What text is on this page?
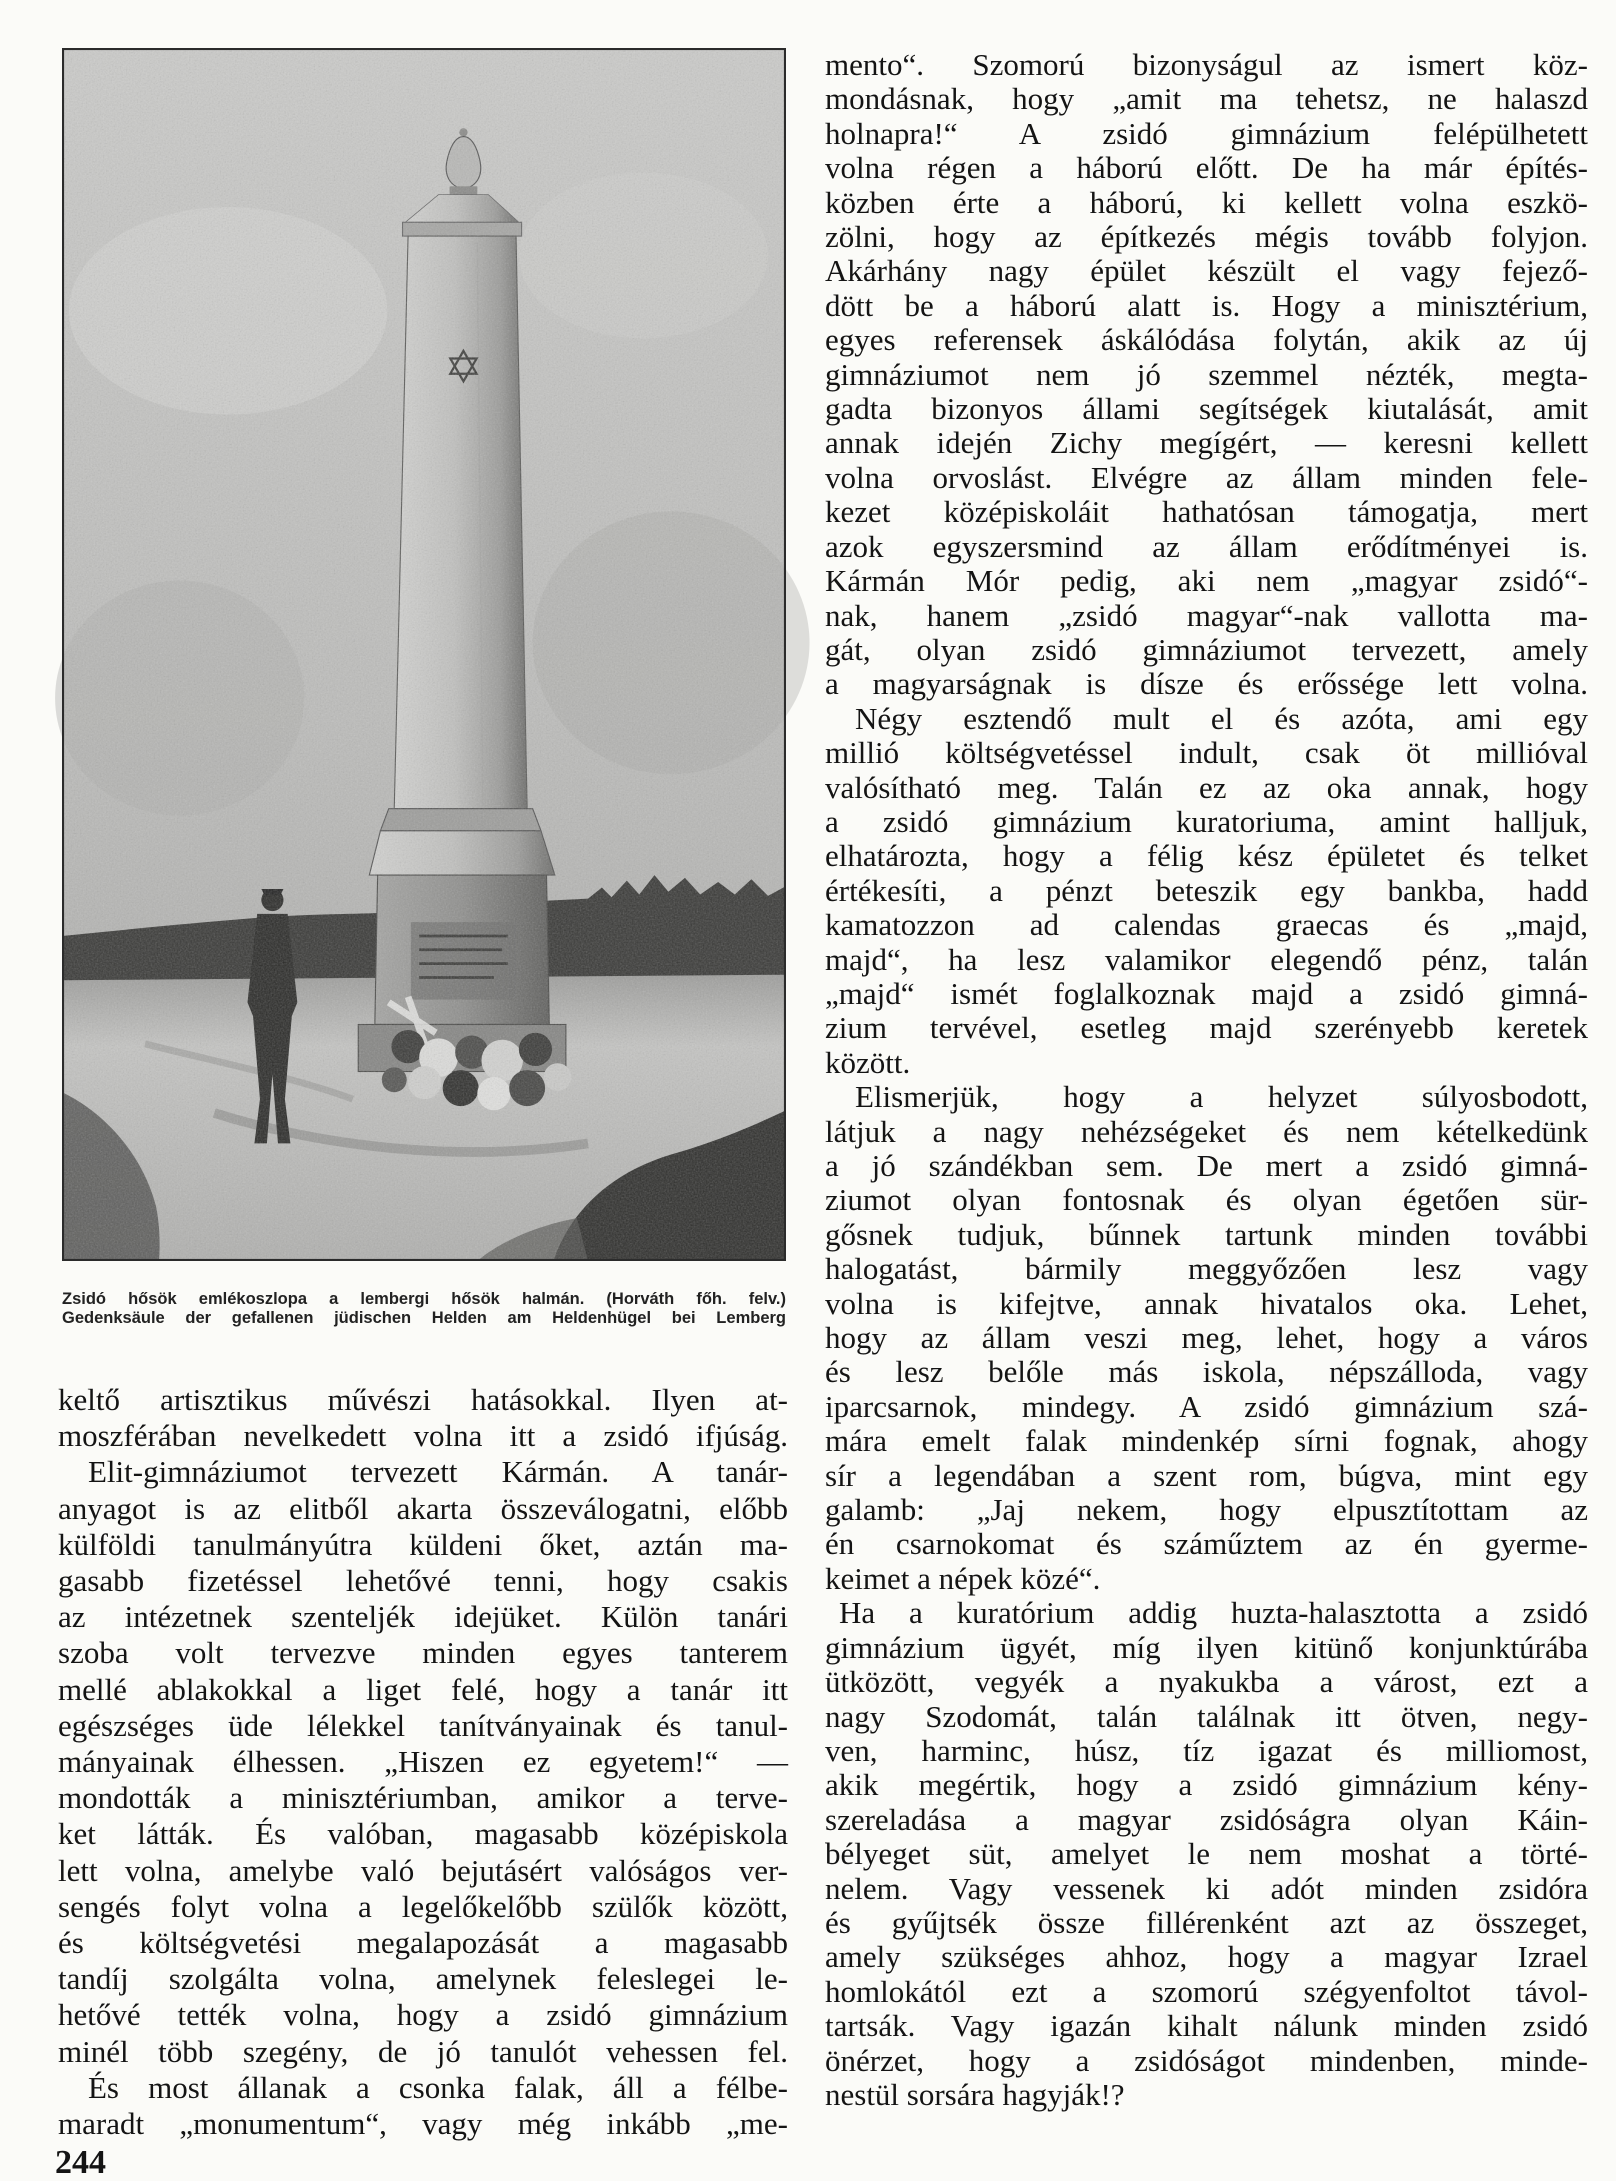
Zsidó hősök emlékoszlopa a lembergi hősök halmán. (Horváth főh. felv.)
Gedenksäule der gefallenen jüdischen Helden am Heldenhügel bei Lemberg
keltő artisztikus művészi hatásokkal. Ilyen at-
moszférában nevelkedett volna itt a zsidó ifjúság.
Elit-gimnáziumot tervezett Kármán. A tanár-
anyagot is az elitből akarta összeválogatni, előbb
külföldi tanulmányútra küldeni őket, aztán ma-
gasabb fizetéssel lehetővé tenni, hogy csakis
az intézetnek szenteljék idejüket. Külön tanári
szoba volt tervezve minden egyes tanterem
mellé ablakokkal a liget felé, hogy a tanár itt
egészséges üde lélekkel tanítványainak és tanul-
mányainak élhessen. „Hiszen ez egyetem!“ —
mondották a minisztériumban, amikor a terve-
ket látták. És valóban, magasabb középiskola
lett volna, amelybe való bejutásért valóságos ver-
sengés folyt volna a legelőkelőbb szülők között,
és költségvetési megalapozását a magasabb
tandíj szolgálta volna, amelynek feleslegei le-
hetővé tették volna, hogy a zsidó gimnázium
minél több szegény, de jó tanulót vehessen fel.
És most állanak a csonka falak, áll a félbe-
maradt „monumentum“, vagy még inkább „me-
mento“. Szomorú bizonyságul az ismert köz-
mondásnak, hogy „amit ma tehetsz, ne halaszd
holnapra!“ A zsidó gimnázium felépülhetett
volna régen a háború előtt. De ha már építés-
közben érte a háború, ki kellett volna eszkö-
zölni, hogy az építkezés mégis tovább folyjon.
Akárhány nagy épület készült el vagy fejező-
dött be a háború alatt is. Hogy a minisztérium,
egyes referensek áskálódása folytán, akik az új
gimnáziumot nem jó szemmel nézték, megta-
gadta bizonyos állami segítségek kiutalását, amit
annak idején Zichy megígért, — keresni kellett
volna orvoslást. Elvégre az állam minden fele-
kezet középiskoláit hathatósan támogatja, mert
azok egyszersmind az állam erődítményei is.
Kármán Mór pedig, aki nem „magyar zsidó“-
nak, hanem „zsidó magyar“-nak vallotta ma-
gát, olyan zsidó gimnáziumot tervezett, amely
a magyarságnak is dísze és erőssége lett volna.
Négy esztendő mult el és azóta, ami egy
millió költségvetéssel indult, csak öt millióval
valósítható meg. Talán ez az oka annak, hogy
a zsidó gimnázium kuratoriuma, amint halljuk,
elhatározta, hogy a félig kész épületet és telket
értékesíti, a pénzt beteszik egy bankba, hadd
kamatozzon ad calendas graecas és „majd,
majd“, ha lesz valamikor elegendő pénz, talán
„majd“ ismét foglalkoznak majd a zsidó gimná-
zium tervével, esetleg majd szerényebb keretek
között.
Elismerjük, hogy a helyzet súlyosbodott,
látjuk a nagy nehézségeket és nem kételkedünk
a jó szándékban sem. De mert a zsidó gimná-
ziumot olyan fontosnak és olyan égetően sür-
gősnek tudjuk, bűnnek tartunk minden további
halogatást, bármily meggyőzően lesz vagy
volna is kifejtve, annak hivatalos oka. Lehet,
hogy az állam veszi meg, lehet, hogy a város
és lesz belőle más iskola, népszálloda, vagy
iparcsarnok, mindegy. A zsidó gimnázium szá-
mára emelt falak mindenkép sírni fognak, ahogy
sír a legendában a szent rom, búgva, mint egy
galamb: „Jaj nekem, hogy elpusztítottam az
én csarnokomat és száműztem az én gyerme-
keimet a népek közé“.
Ha a kuratórium addig huzta-halasztotta a zsidó
gimnázium ügyét, míg ilyen kitünő konjunktúrába
ütközött, vegyék a nyakukba a várost, ezt a
nagy Szodomát, talán találnak itt ötven, negy-
ven, harminc, húsz, tíz igazat és milliomost,
akik megértik, hogy a zsidó gimnázium kény-
szereladása a magyar zsidóságra olyan Káin-
bélyeget süt, amelyet le nem moshat a törté-
nelem. Vagy vessenek ki adót minden zsidóra
és gyűjtsék össze fillérenként azt az összeget,
amely szükséges ahhoz, hogy a magyar Izrael
homlokától ezt a szomorú szégyenfoltot távol-
tartsák. Vagy igazán kihalt nálunk minden zsidó
önérzet, hogy a zsidóságot mindenben, minde-
nestül sorsára hagyják!?
244
